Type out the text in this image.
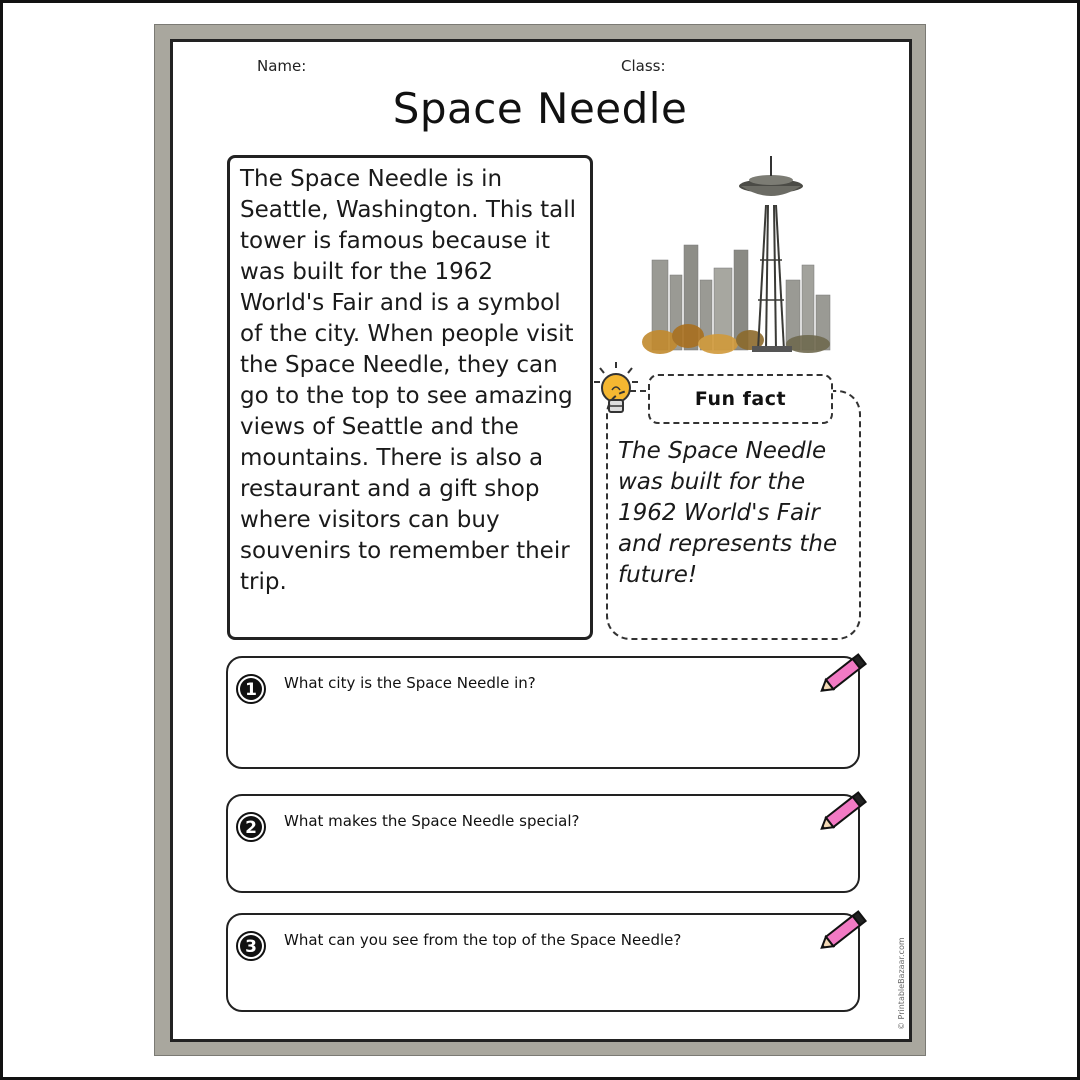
Name:	Class:
Space Needle
The Space Needle is in Seattle, Washington. This tall tower is famous because it was built for the 1962 World's Fair and is a symbol of the city. When people visit the Space Needle, they can go to the top to see amazing views of Seattle and the mountains. There is also a restaurant and a gift shop where visitors can buy souvenirs to remember their trip.
Fun fact
The Space Needle was built for the 1962 World's Fair and represents the future!
1 What city is the Space Needle in?
2 What makes the Space Needle special?
3 What can you see from the top of the Space Needle?	© PrintableBazaar.com
